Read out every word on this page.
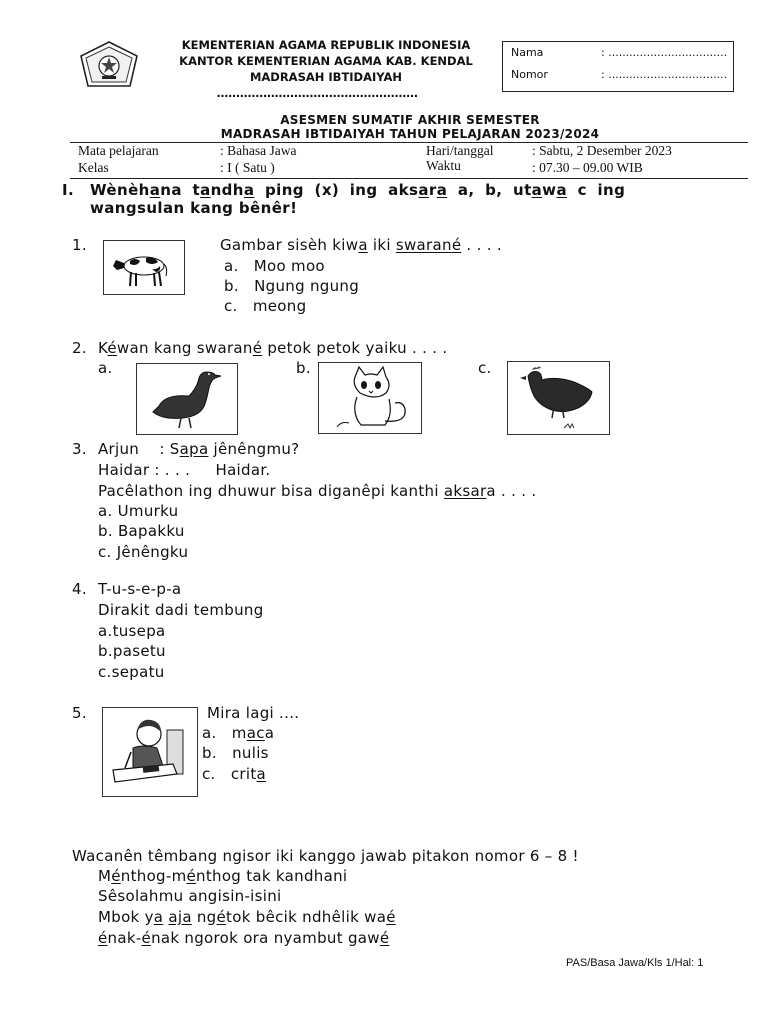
KEMENTERIAN AGAMA REPUBLIK INDONESIA
KANTOR KEMENTERIAN AGAMA KAB. KENDAL
MADRASAH IBTIDAIYAH
....................................................
Nama	: ..................................
Nomor	: ..................................
ASESMEN SUMATIF AKHIR SEMESTER
MADRASAH IBTIDAIYAH TAHUN PELAJARAN 2023/2024
Mata pelajaran	: Bahasa Jawa	Hari/tanggal	: Sabtu, 2 Desember 2023
Kelas	: I ( Satu )	Waktu	: 07.30 – 09.00 WIB
I. Wènèhana tandha ping (x) ing aksara a, b, utawa c ing
wangsulan kang bênêr!
1.	Gambar sisèh kiwa iki swarané . . . .
a. Moo moo
b. Ngung ngung
c. meong
2. Kéwan kang swarané petok petok yaiku . . . .
a.	b.	c.
3. Arjun    : Sapa jênêngmu?
Haidar : . . .     Haidar.
Pacêlathon ing dhuwur bisa diganêpi kanthi aksara . . . .
a. Umurku
b. Bapakku
c. Jênêngku
4. T-u-s-e-p-a
Dirakit dadi tembung
a.tusepa
b.pasetu
c.sepatu
5.	Mira lagi ....
a. maca
b. nulis
c. crita
Wacanên têmbang ngisor iki kanggo jawab pitakon nomor 6 – 8 !
Ménthog-ménthog tak kandhani
Sêsolahmu angisin-isini
Mbok ya aja ngétok bêcik ndhêlik waé
énak-énak ngorok ora nyambut gawé
PAS/Basa Jawa/Kls 1/Hal: 1
